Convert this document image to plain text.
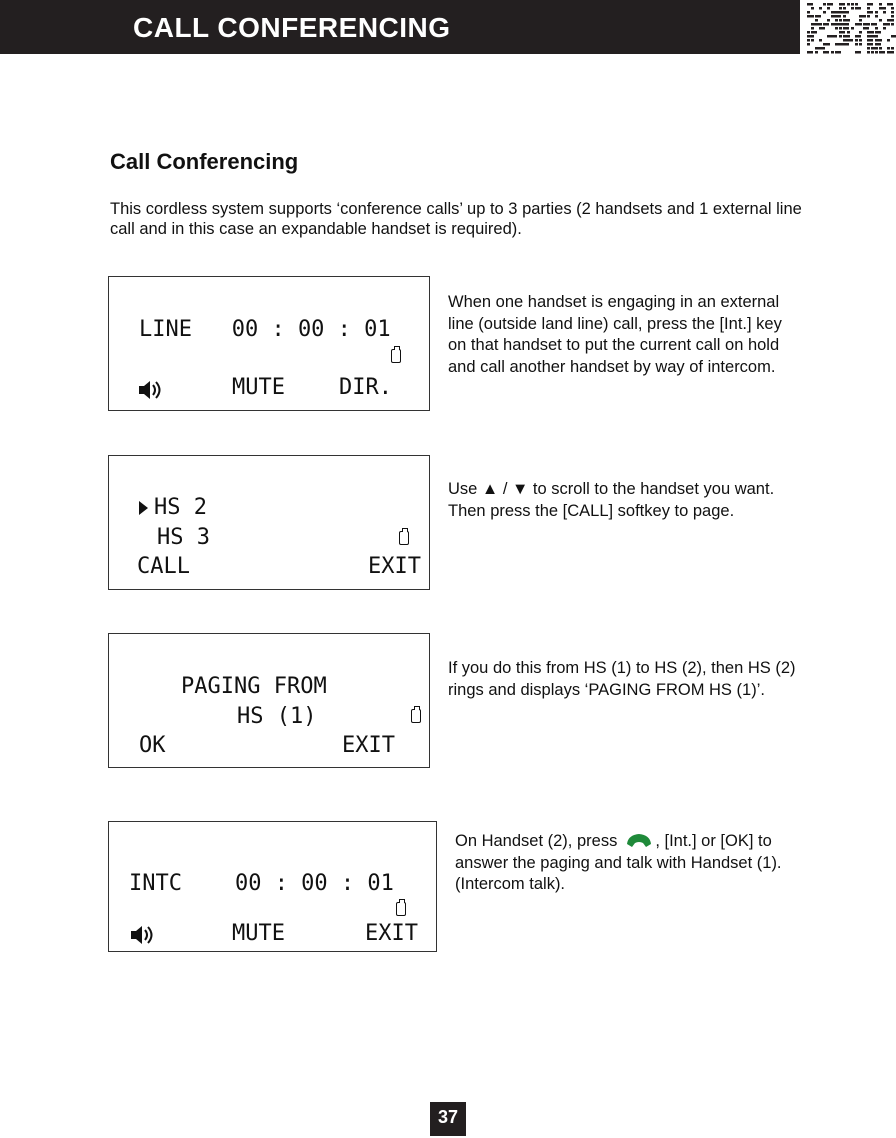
CALL CONFERENCING
Call Conferencing
This cordless system supports ‘conference calls’ up to 3 parties (2 handsets and 1 external line call and in this case an expandable handset is required).
LINE   00 : 00 : 01
MUTE DIR.
When one handset is engaging in an external line (outside land line) call, press the [Int.] key on that handset to put the current call on hold and call another handset by way of intercom.
HS 2
HS 3
CALL	EXIT
Use ▲ / ▼ to scroll to the handset you want.
Then press the [CALL] softkey to page.
PAGING FROM
HS (1)
OK	EXIT
If you do this from HS (1) to HS (2), then HS (2) rings and displays ‘PAGING FROM HS (1)’.
INTC    00 : 00 : 01
MUTE	EXIT
On Handset (2), press , [Int.] or [OK] to answer the paging and talk with Handset (1). (Intercom talk).
37
